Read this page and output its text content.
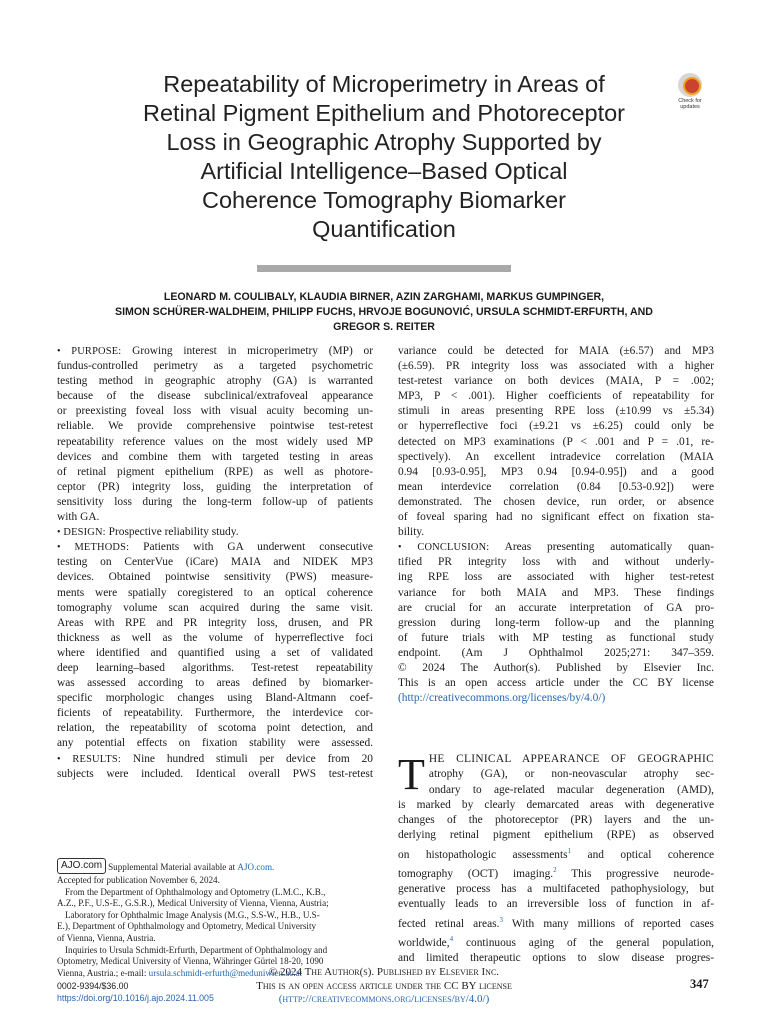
Repeatability of Microperimetry in Areas of
Retinal Pigment Epithelium and Photoreceptor
Loss in Geographic Atrophy Supported by
Artificial Intelligence–Based Optical
Coherence Tomography Biomarker
Quantification
Check for
updates
LEONARD M. COULIBALY, KLAUDIA BIRNER, AZIN ZARGHAMI, MARKUS GUMPINGER,
SIMON SCHÜRER-WALDHEIM, PHILIPP FUCHS, HRVOJE BOGUNOVIĆ, URSULA SCHMIDT-ERFURTH, AND
GREGOR S. REITER
• PURPOSE: Growing interest in microperimetry (MP) or
fundus-controlled perimetry as a targeted psychometric
testing method in geographic atrophy (GA) is warranted
because of the disease subclinical/extrafoveal appearance
or preexisting foveal loss with visual acuity becoming un-
reliable. We provide comprehensive pointwise test-retest
repeatability reference values on the most widely used MP
devices and combine them with targeted testing in areas
of retinal pigment epithelium (RPE) as well as photore-
ceptor (PR) integrity loss, guiding the interpretation of
sensitivity loss during the long-term follow-up of patients
with GA.
• DESIGN: Prospective reliability study.
• METHODS: Patients with GA underwent consecutive
testing on CenterVue (iCare) MAIA and NIDEK MP3
devices. Obtained pointwise sensitivity (PWS) measure-
ments were spatially coregistered to an optical coherence
tomography volume scan acquired during the same visit.
Areas with RPE and PR integrity loss, drusen, and PR
thickness as well as the volume of hyperreflective foci
where identified and quantified using a set of validated
deep learning–based algorithms. Test-retest repeatability
was assessed according to areas defined by biomarker-
specific morphologic changes using Bland-Altmann coef-
ficients of repeatability. Furthermore, the interdevice cor-
relation, the repeatability of scotoma point detection, and
any potential effects on fixation stability were assessed.
• RESULTS: Nine hundred stimuli per device from 20
subjects were included. Identical overall PWS test-retest
variance could be detected for MAIA (±6.57) and MP3
(±6.59). PR integrity loss was associated with a higher
test-retest variance on both devices (MAIA, P = .002;
MP3, P < .001). Higher coefficients of repeatability for
stimuli in areas presenting RPE loss (±10.99 vs ±5.34)
or hyperreflective foci (±9.21 vs ±6.25) could only be
detected on MP3 examinations (P < .001 and P = .01, re-
spectively). An excellent intradevice correlation (MAIA
0.94 [0.93-0.95], MP3 0.94 [0.94-0.95]) and a good
mean interdevice correlation (0.84 [0.53-0.92]) were
demonstrated. The chosen device, run order, or absence
of foveal sparing had no significant effect on fixation sta-
bility.
• CONCLUSION: Areas presenting automatically quan-
tified PR integrity loss with and without underly-
ing RPE loss are associated with higher test-retest
variance for both MAIA and MP3. These findings
are crucial for an accurate interpretation of GA pro-
gression during long-term follow-up and the planning
of future trials with MP testing as functional study
endpoint. (Am J Ophthalmol 2025;271: 347–359.
© 2024 The Author(s). Published by Elsevier Inc.
This is an open access article under the CC BY license
(http://creativecommons.org/licenses/by/4.0/)
T HE CLINICAL APPEARANCE OF GEOGRAPHIC
atrophy (GA), or non-neovascular atrophy sec-
ondary to age-related macular degeneration (AMD),
is marked by clearly demarcated areas with degenerative
changes of the photoreceptor (PR) layers and the un-
derlying retinal pigment epithelium (RPE) as observed
on histopathologic assessments$^1$ and optical coherence
tomography (OCT) imaging.$^2$ This progressive neurode-
generative process has a multifaceted pathophysiology, but
eventually leads to an irreversible loss of function in af-
fected retinal areas.$^3$ With many millions of reported cases
worldwide,$^4$ continuous aging of the general population,
and limited therapeutic options to slow disease progres-
AJO.com Supplemental Material available at
AJO.com.
Accepted for publication November 6, 2024.
From the Department of Ophthalmology and Optometry (L.M.C., K.B.,
A.Z., P.F., U.S-E., G.S.R.), Medical University of Vienna, Vienna, Austria;
Laboratory for Ophthalmic Image Analysis (M.G., S.S-W., H.B., U.S-
E.), Department of Ophthalmology and Optometry, Medical University
of Vienna, Vienna, Austria.
Inquiries to Ursula Schmidt-Erfurth, Department of Ophthalmology and
Optometry, Medical University of Vienna, Währinger Gürtel 18-20, 1090
Vienna, Austria.; e-mail: ursula.schmidt-erfurth@meduniwien.ac.at
© 2024 The Author(s). Published by Elsevier Inc.
This is an open access article under the CC BY license
(http://creativecommons.org/licenses/by/4.0/)
0002-9394/$36.00
https://doi.org/10.1016/j.ajo.2024.11.005
347
